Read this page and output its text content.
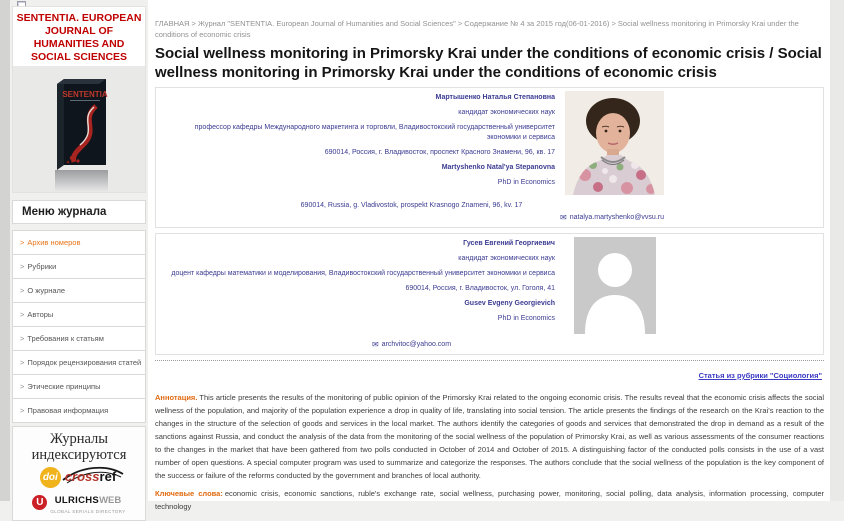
SENTENTIA. EUROPEAN JOURNAL OF HUMANITIES AND SOCIAL SCIENCES
SENTENTIA
Меню журнала
> Архив номеров
> Рубрики
> О журнале
> Авторы
> Требования к статьям
> Порядок рецензирования статей
> Этические принципы
> Правовая информация
Журналы индексируются
doi crossref
U	ULRICHSWEB
GLOBAL SERIALS DIRECTORY
ГЛАВНАЯ > Журнал "SENTENTIA. European Journal of Humanities and Social Sciences" > Содержание № 4 за 2015 год(06-01-2016) > Social wellness monitoring in Primorsky Krai under the conditions of economic crisis
Social wellness monitoring in Primorsky Krai under the conditions of economic crisis / Social wellness monitoring in Primorsky Krai under the conditions of economic crisis
Мартышенко Наталья Степановна
кандидат экономических наук
профессор кафедры Международного маркетинга и торговли, Владивостокский государственный университет экономики и сервиса
690014, Россия, г. Владивосток, проспект Красного Знамени, 96, кв. 17
Martyshenko Natal'ya Stepanovna
PhD in Economics
690014, Russia, g. Vladivostok, prospekt Krasnogo Znameni, 96, kv. 17
✉ natalya.martyshenko@vvsu.ru
Гусев Евгений Георгиевич
кандидат экономических наук
доцент кафедры математики и моделирования, Владивостокский государственный университет экономики и сервиса
690014, Россия, г. Владивосток, ул. Гоголя, 41
Gusev Evgeny Georgievich
PhD in Economics
✉ archvitoc@yahoo.com
Статья из рубрики "Социология"
Аннотация. This article presents the results of the monitoring of public opinion of the Primorsky Krai related to the ongoing economic crisis. The results reveal that the economic crisis affects the social wellness of the population, and majority of the population experience a drop in quality of life, translating into social tension. The article presents the findings of the research on the Krai's reaction to the changes in the structure of the selection of goods and services in the local market. The authors identify the categories of goods and services that demonstrated the drop in demand as a result of the sanctions against Russia, and conduct the analysis of the data from the monitoring of the social wellness of the population of Primorsky Krai, as well as various assessments of the consumer reactions to the changes in the market that have been gathered from two polls conducted in October of 2014 and October of 2015. A distinguishing factor of the conducted polls consists in the use of a vast number of open questions. A special computer program was used to summarize and categorize the responses. The authors conclude that the social wellness of the population is the key component of the success or failure of the reforms conducted by the government and branches of local authority.
Ключевые слова: economic crisis, economic sanctions, ruble's exchange rate, social wellness, purchasing power, monitoring, social polling, data analysis, information processing, computer technology
